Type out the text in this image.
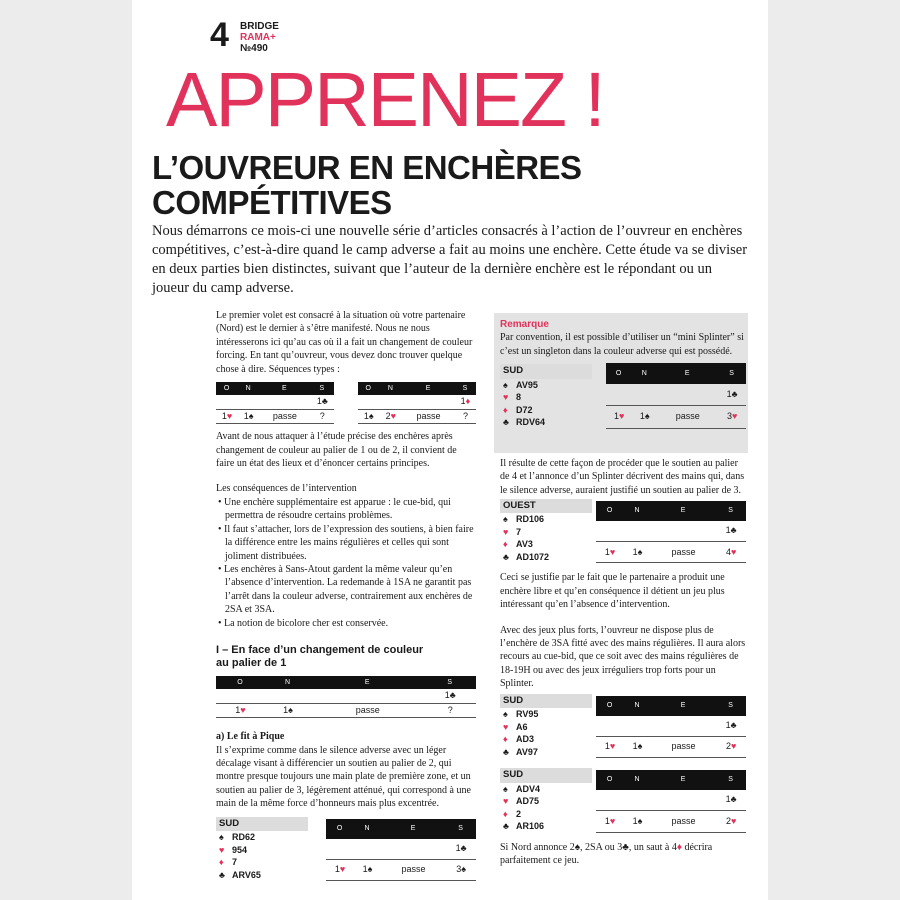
4 BRIDGE
RAMA+
№490
APPRENEZ !
L’OUVREUR EN ENCHÈRES
COMPÉTITIVES

Nous démarrons ce mois-ci une nouvelle série d’articles consacrés à l’action de l’ouvreur en enchères compétitives, c’est-à-dire quand le camp adverse a fait au moins une enchère. Cette étude va se diviser en deux parties bien distinctes, suivant que l’auteur de la dernière enchère est le répondant ou un joueur du camp adverse.

Le premier volet est consacré à la situation où votre partenaire (Nord) est le dernier à s’être manifesté. Nous ne nous intéresserons ici qu’au cas où il a fait un changement de couleur forcing. En tant qu’ouvreur, vous devez donc trouver quelque chose à dire. Séquences types :

O	N	E	S
			1♣
1♥	1♠	passe	?
O	N	E	S
			1♦
1♠	2♥	passe	?

Avant de nous attaquer à l’étude précise des enchères après changement de couleur au palier de 1 ou de 2, il convient de faire un état des lieux et d’énoncer certains principes.

Les conséquences de l’intervention
• Une enchère supplémentaire est apparue : le cue-bid, qui permettra de résoudre certains problèmes.
• Il faut s’attacher, lors de l’expression des soutiens, à bien faire la différence entre les mains régulières et celles qui sont joliment distribuées.
• Les enchères à Sans-Atout gardent la même valeur qu’en l’absence d’intervention. La redemande à 1SA ne garantit pas l’arrêt dans la couleur adverse, contrairement aux enchères de 2SA et 3SA.
• La notion de bicolore cher est conservée.
I – En face d’un changement de couleur
au palier de 1
O	N	E	S
			1♣
1♥	1♠	passe	?
a) Le fit à Pique

Il s’exprime comme dans le silence adverse avec un léger décalage visant à différencier un soutien au palier de 2, qui montre presque toujours une main plate de première zone, et un soutien au palier de 3, légèrement atténué, qui correspond à une main de la même force d’honneurs mais plus excentrée.

SUD
♠ RD62
♥ 954
♦ 7
♣ ARV65
O	N	E	S
			1♣
1♥	1♠	passe	3♠
Remarque

Par convention, il est possible d’utiliser un “mini Splinter” si c’est un singleton dans la couleur adverse qui est possédé.

SUD
♠ AV95
♥ 8
♦ D72
♣ RDV64
O	N	E	S
			1♣
1♥	1♠	passe	3♥

Il résulte de cette façon de procéder que le soutien au palier de 4 et l’annonce d’un Splinter décrivent des mains qui, dans le silence adverse, auraient justifié un soutien au palier de 3.

OUEST
♠ RD106
♥ 7
♦ AV3
♣ AD1072
O	N	E	S
			1♣
1♥	1♠	passe	4♥

Ceci se justifie par le fait que le partenaire a produit une enchère libre et qu’en conséquence il détient un jeu plus intéressant qu’en l’absence d’intervention.

Avec des jeux plus forts, l’ouvreur ne dispose plus de l’enchère de 3SA fitté avec des mains régulières. Il aura alors recours au cue-bid, que ce soit avec des mains régulières de 18-19H ou avec des jeux irréguliers trop forts pour un Splinter.

SUD
♠ RV95
♥ A6
♦ AD3
♣ AV97
O	N	E	S
			1♣
1♥	1♠	passe	2♥
SUD
♠ ADV4
♥ AD75
♦ 2
♣ AR106
O	N	E	S
			1♣
1♥	1♠	passe	2♥

Si Nord annonce 2♠, 2SA ou 3♣, un saut à 4♦ décrira parfaitement ce jeu.
